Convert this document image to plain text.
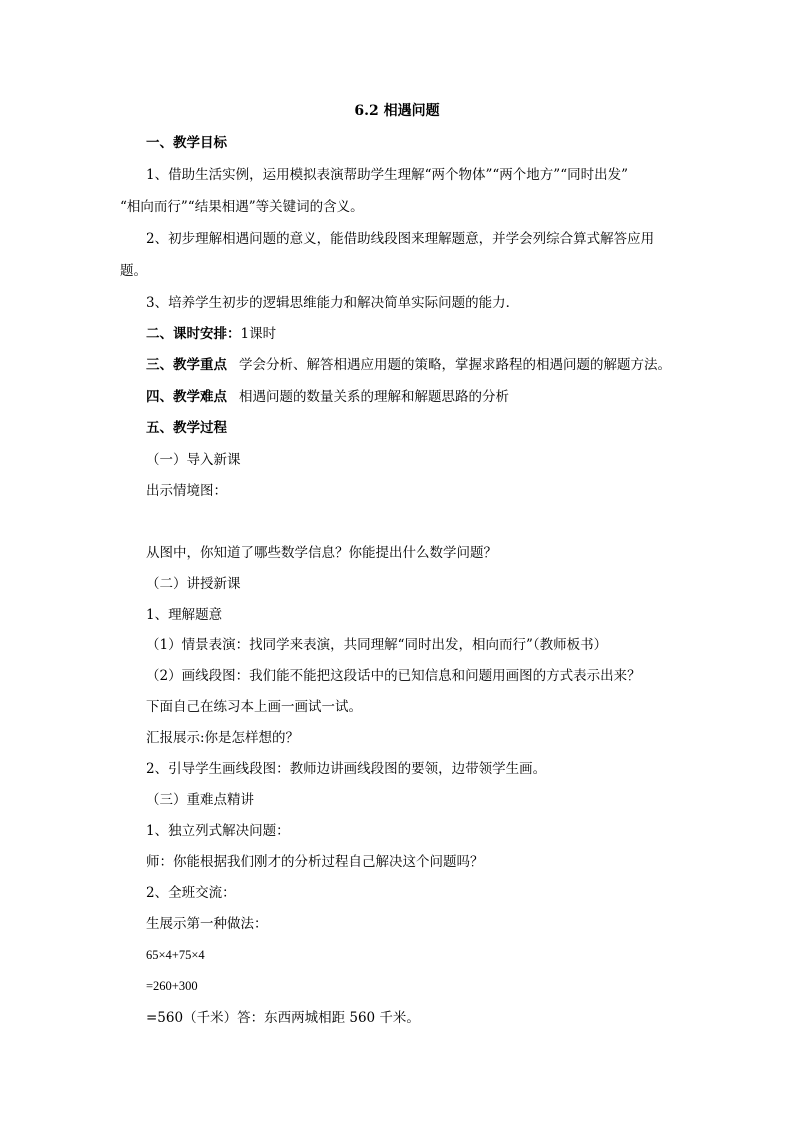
6.2 相遇问题
一、教学目标
1、借助生活实例，运用模拟表演帮助学生理解“两个物体”“两个地方”“同时出发”
“相向而行”“结果相遇”等关键词的含义。
2、初步理解相遇问题的意义，能借助线段图来理解题意，并学会列综合算式解答应用
题。
3、培养学生初步的逻辑思维能力和解决简单实际问题的能力．
二、课时安排：1课时
三、教学重点 学会分析、解答相遇应用题的策略，掌握求路程的相遇问题的解题方法。
四、教学难点 相遇问题的数量关系的理解和解题思路的分析
五、教学过程
（一）导入新课
出示情境图：
从图中，你知道了哪些数学信息？你能提出什么数学问题？
（二）讲授新课
1、理解题意
（1）情景表演：找同学来表演，共同理解“同时出发，相向而行”（教师板书）
（2）画线段图：我们能不能把这段话中的已知信息和问题用画图的方式表示出来？
下面自己在练习本上画一画试一试。
汇报展示:你是怎样想的？
2、引导学生画线段图：教师边讲画线段图的要领，边带领学生画。
（三）重难点精讲
1、独立列式解决问题：
师：你能根据我们刚才的分析过程自己解决这个问题吗？
2、全班交流：
生展示第一种做法：
65×4+75×4
=260+300
=560（千米）答：东西两城相距 560 千米。
